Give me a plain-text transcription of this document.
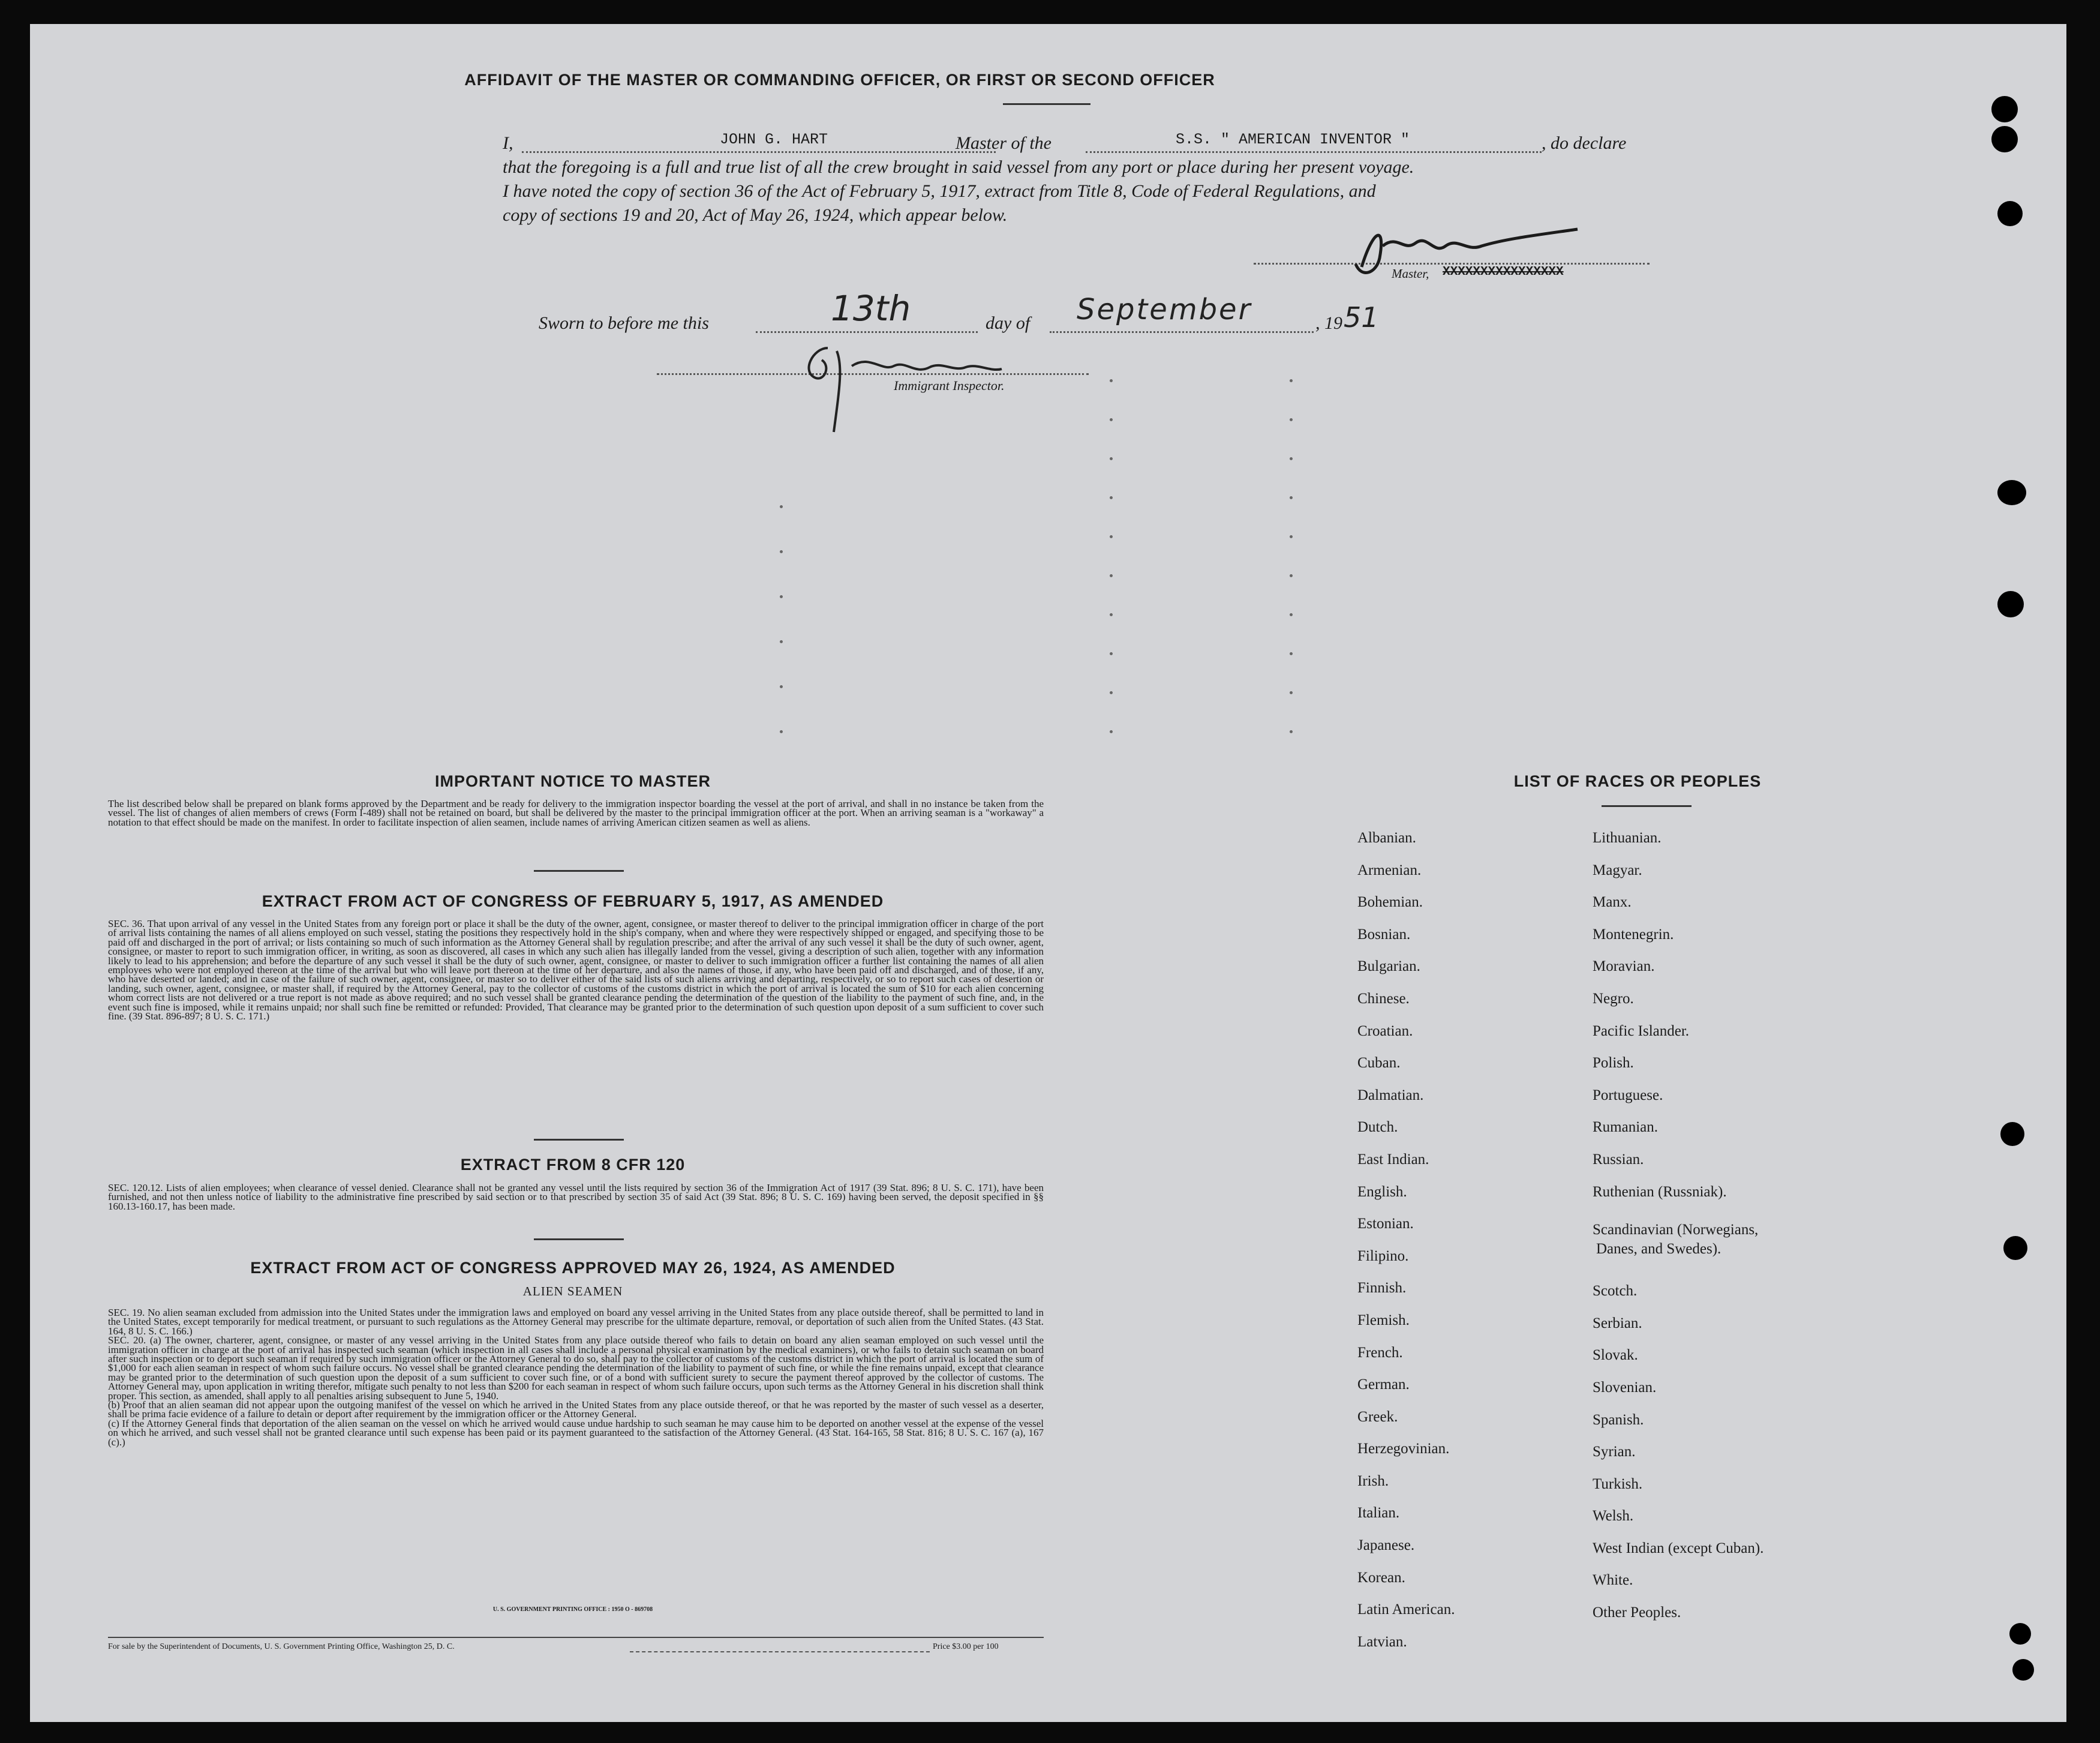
AFFIDAVIT OF THE MASTER OR COMMANDING OFFICER, OR FIRST OR SECOND OFFICER
I,	JOHN G. HART	Master of the	S.S. " AMERICAN INVENTOR "	, do declare
that the foregoing is a full and true list of all the crew brought in said vessel from any port or place during her present voyage.
I have noted the copy of section 36 of the Act of February 5, 1917, extract from Title 8, Code of Federal Regulations, and
copy of sections 19 and 20, Act of May 26, 1924, which appear below.
Master, XXXXXXXXXXXXXXXX
Sworn to before me this	13th	day of September	, 19 51
Immigrant Inspector.
IMPORTANT NOTICE TO MASTER
The list described below shall be prepared on blank forms approved by the Department and be ready for delivery to the immigration inspector boarding the vessel at the port of arrival, and shall in no instance be taken from the vessel. The list of changes of alien members of crews (Form I-489) shall not be retained on board, but shall be delivered by the master to the principal immigration officer at the port. When an arriving seaman is a "workaway" a notation to that effect should be made on the manifest. In order to facilitate inspection of alien seamen, include names of arriving American citizen seamen as well as aliens.
EXTRACT FROM ACT OF CONGRESS OF FEBRUARY 5, 1917, AS AMENDED
SEC. 36. That upon arrival of any vessel in the United States from any foreign port or place it shall be the duty of the owner, agent, consignee, or master thereof to deliver to the principal immigration officer in charge of the port of arrival lists containing the names of all aliens employed on such vessel, stating the positions they respectively hold in the ship's company, when and where they were respectively shipped or engaged, and specifying those to be paid off and discharged in the port of arrival; or lists containing so much of such information as the Attorney General shall by regulation prescribe; and after the arrival of any such vessel it shall be the duty of such owner, agent, consignee, or master to report to such immigration officer, in writing, as soon as discovered, all cases in which any such alien has illegally landed from the vessel, giving a description of such alien, together with any information likely to lead to his apprehension; and before the departure of any such vessel it shall be the duty of such owner, agent, consignee, or master to deliver to such immigration officer a further list containing the names of all alien employees who were not employed thereon at the time of the arrival but who will leave port thereon at the time of her departure, and also the names of those, if any, who have been paid off and discharged, and of those, if any, who have deserted or landed; and in case of the failure of such owner, agent, consignee, or master so to deliver either of the said lists of such aliens arriving and departing, respectively, or so to report such cases of desertion or landing, such owner, agent, consignee, or master shall, if required by the Attorney General, pay to the collector of customs of the customs district in which the port of arrival is located the sum of $10 for each alien concerning whom correct lists are not delivered or a true report is not made as above required; and no such vessel shall be granted clearance pending the determination of the question of the liability to the payment of such fine, and, in the event such fine is imposed, while it remains unpaid; nor shall such fine be remitted or refunded: Provided, That clearance may be granted prior to the determination of such question upon deposit of a sum sufficient to cover such fine. (39 Stat. 896-897; 8 U. S. C. 171.)
EXTRACT FROM 8 CFR 120
SEC. 120.12. Lists of alien employees; when clearance of vessel denied. Clearance shall not be granted any vessel until the lists required by section 36 of the Immigration Act of 1917 (39 Stat. 896; 8 U. S. C. 171), have been furnished, and not then unless notice of liability to the administrative fine prescribed by said section or to that prescribed by section 35 of said Act (39 Stat. 896; 8 U. S. C. 169) having been served, the deposit specified in §§ 160.13-160.17, has been made.
EXTRACT FROM ACT OF CONGRESS APPROVED MAY 26, 1924, AS AMENDED
ALIEN SEAMEN
SEC. 19. No alien seaman excluded from admission into the United States under the immigration laws and employed on board any vessel arriving in the United States from any place outside thereof, shall be permitted to land in the United States, except temporarily for medical treatment, or pursuant to such regulations as the Attorney General may prescribe for the ultimate departure, removal, or deportation of such alien from the United States. (43 Stat. 164, 8 U. S. C. 166.)
SEC. 20. (a) The owner, charterer, agent, consignee, or master of any vessel arriving in the United States from any place outside thereof who fails to detain on board any alien seaman employed on such vessel until the immigration officer in charge at the port of arrival has inspected such seaman (which inspection in all cases shall include a personal physical examination by the medical examiners), or who fails to detain such seaman on board after such inspection or to deport such seaman if required by such immigration officer or the Attorney General to do so, shall pay to the collector of customs of the customs district in which the port of arrival is located the sum of $1,000 for each alien seaman in respect of whom such failure occurs. No vessel shall be granted clearance pending the determination of the liability to payment of such fine, or while the fine remains unpaid, except that clearance may be granted prior to the determination of such question upon the deposit of a sum sufficient to cover such fine, or of a bond with sufficient surety to secure the payment thereof approved by the collector of customs. The Attorney General may, upon application in writing therefor, mitigate such penalty to not less than $200 for each seaman in respect of whom such failure occurs, upon such terms as the Attorney General in his discretion shall think proper. This section, as amended, shall apply to all penalties arising subsequent to June 5, 1940.
(b) Proof that an alien seaman did not appear upon the outgoing manifest of the vessel on which he arrived in the United States from any place outside thereof, or that he was reported by the master of such vessel as a deserter, shall be prima facie evidence of a failure to detain or deport after requirement by the immigration officer or the Attorney General.
(c) If the Attorney General finds that deportation of the alien seaman on the vessel on which he arrived would cause undue hardship to such seaman he may cause him to be deported on another vessel at the expense of the vessel on which he arrived, and such vessel shall not be granted clearance until such expense has been paid or its payment guaranteed to the satisfaction of the Attorney General. (43 Stat. 164-165, 58 Stat. 816; 8 U. S. C. 167 (a), 167 (c).)
U. S. GOVERNMENT PRINTING OFFICE : 1950 O - 869708
For sale by the Superintendent of Documents, U. S. Government Printing Office, Washington 25, D. C.	Price $3.00 per 100
LIST OF RACES OR PEOPLES
Albanian.
Armenian.
Bohemian.
Bosnian.
Bulgarian.
Chinese.
Croatian.
Cuban.
Dalmatian.
Dutch.
East Indian.
English.
Estonian.
Filipino.
Finnish.
Flemish.
French.
German.
Greek.
Herzegovinian.
Irish.
Italian.
Japanese.
Korean.
Latin American.
Latvian.
Lithuanian.
Magyar.
Manx.
Montenegrin.
Moravian.
Negro.
Pacific Islander.
Polish.
Portuguese.
Rumanian.
Russian.
Ruthenian (Russniak).
Scandinavian (Norwegians,
Danes, and Swedes).
Scotch.
Serbian.
Slovak.
Slovenian.
Spanish.
Syrian.
Turkish.
Welsh.
West Indian (except Cuban).
White.
Other Peoples.
